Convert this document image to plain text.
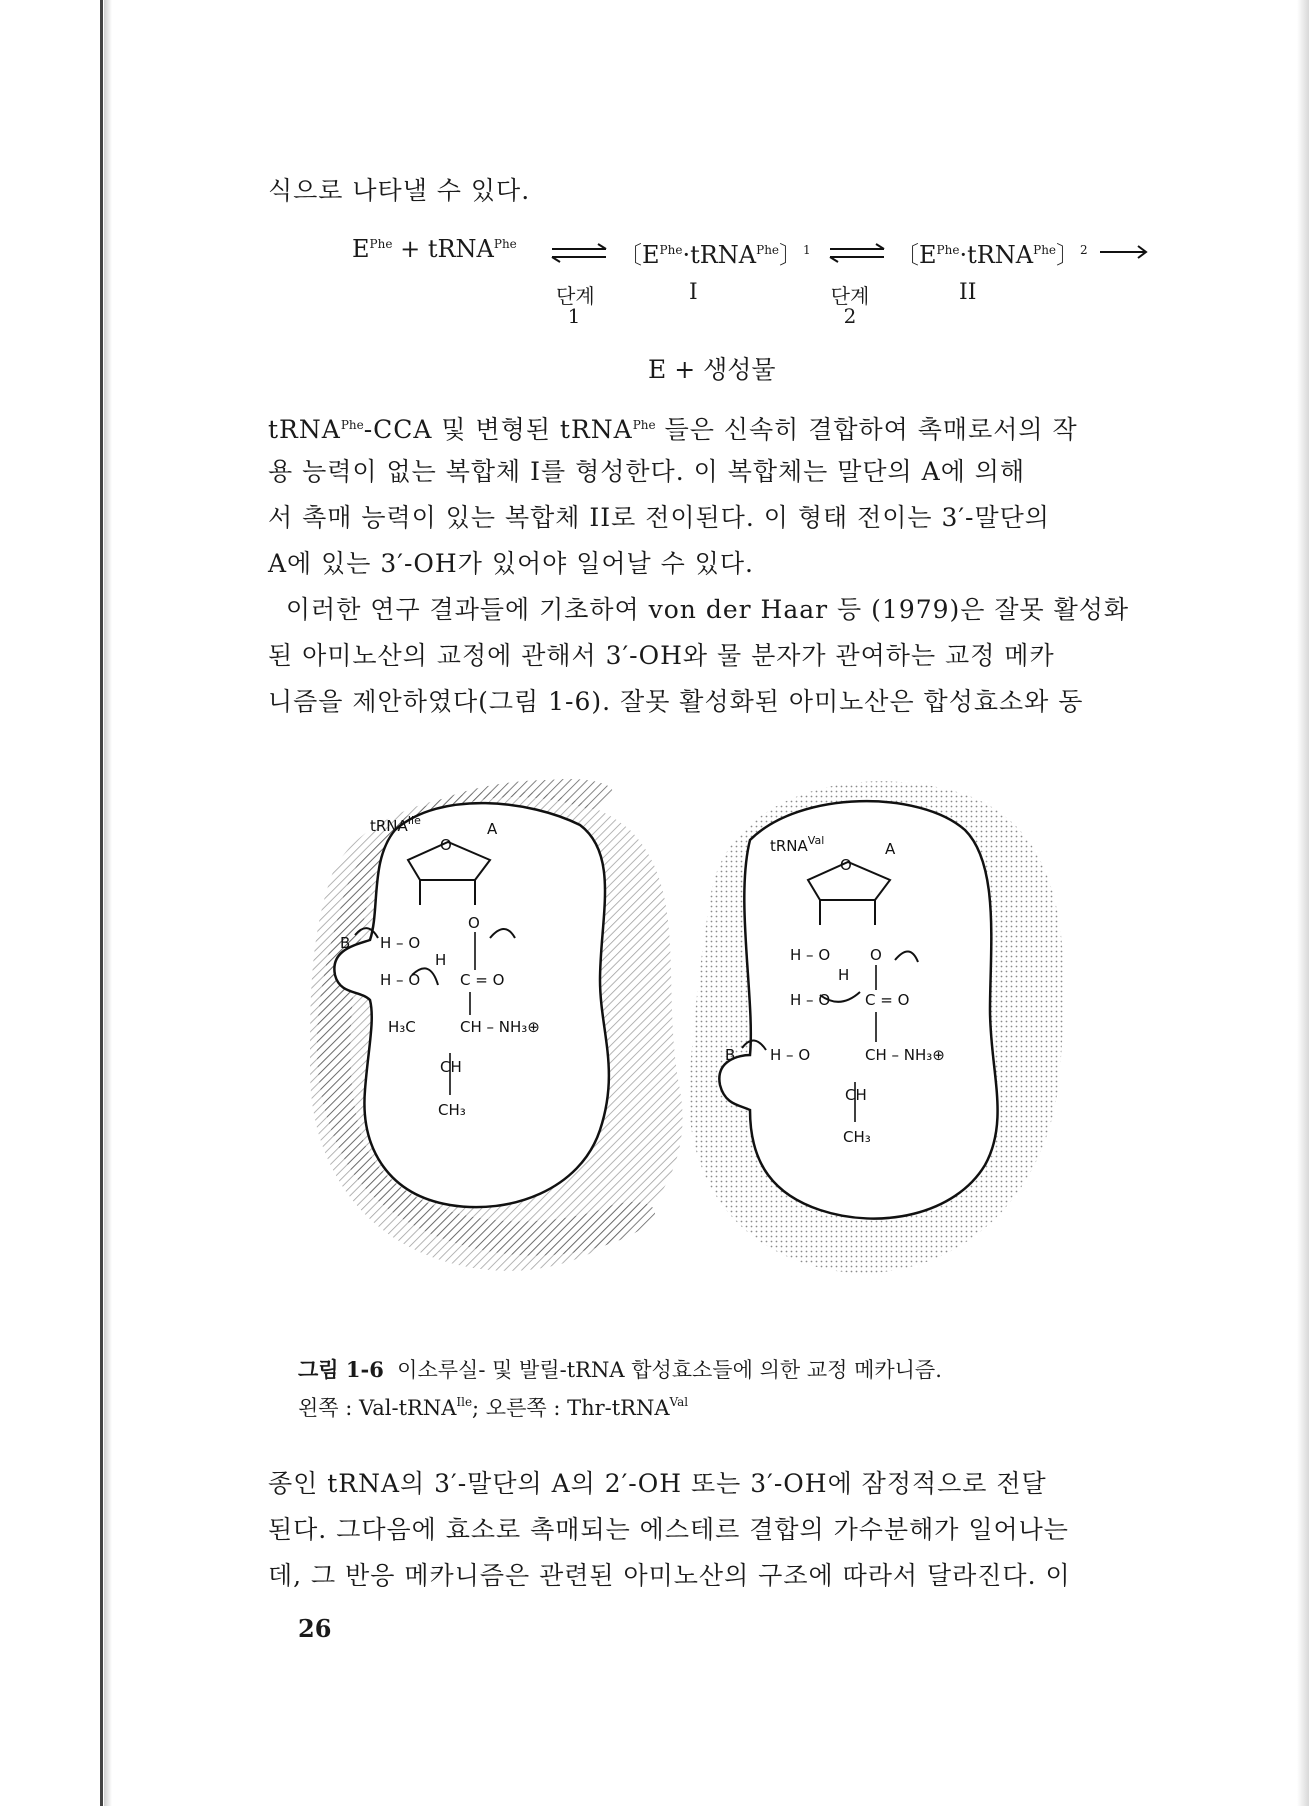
식으로 나타낼 수 있다.
$E^{Phe}$ + tRNA$^{Phe}$ ⇌ 〔$E^{Phe}\cdot tRNA^{Phe}$〕$^1$ ⇌ 〔$E^{Phe}\cdot tRNA^{Phe}$〕$^2$
단계
1
I	단계
2
II
E + 생성물
tRNA$^{Phe}$-CCA 및 변형된 tRNA$^{Phe}$ 들은 신속히 결합하여 촉매로서의 작
용 능력이 없는 복합체 I를 형성한다. 이 복합체는 말단의 A에 의해
서 촉매 능력이 있는 복합체 II로 전이된다. 이 형태 전이는 3′-말단의
A에 있는 3′-OH가 있어야 일어날 수 있다.
이러한 연구 결과들에 기초하여 von der Haar 등 (1979)은 잘못 활성화
된 아미노산의 교정에 관해서 3′-OH와 물 분자가 관여하는 교정 메카
니즘을 제안하였다(그림 1-6). 잘못 활성화된 아미노산은 합성효소와 동
tRNA$^{Ile}$
O
A
B H – O
O
H
H – O	C = O
H₃C	CH – NH₃⊕
CH
CH₃
tRNA$^{Val}$
O
A
H – O	O
H
H – O C = O
B H – O	CH – NH₃⊕
CH
CH₃
그림 1-6  이소루실- 및 발릴-tRNA 합성효소들에 의한 교정 메카니즘.
왼쪽 : Val-tRNA$^{Ile}$; 오른쪽 : Thr-tRNA$^{Val}$
종인 tRNA의 3′-말단의 A의 2′-OH 또는 3′-OH에 잠정적으로 전달
된다. 그다음에 효소로 촉매되는 에스테르 결합의 가수분해가 일어나는
데, 그 반응 메카니즘은 관련된 아미노산의 구조에 따라서 달라진다. 이
26
